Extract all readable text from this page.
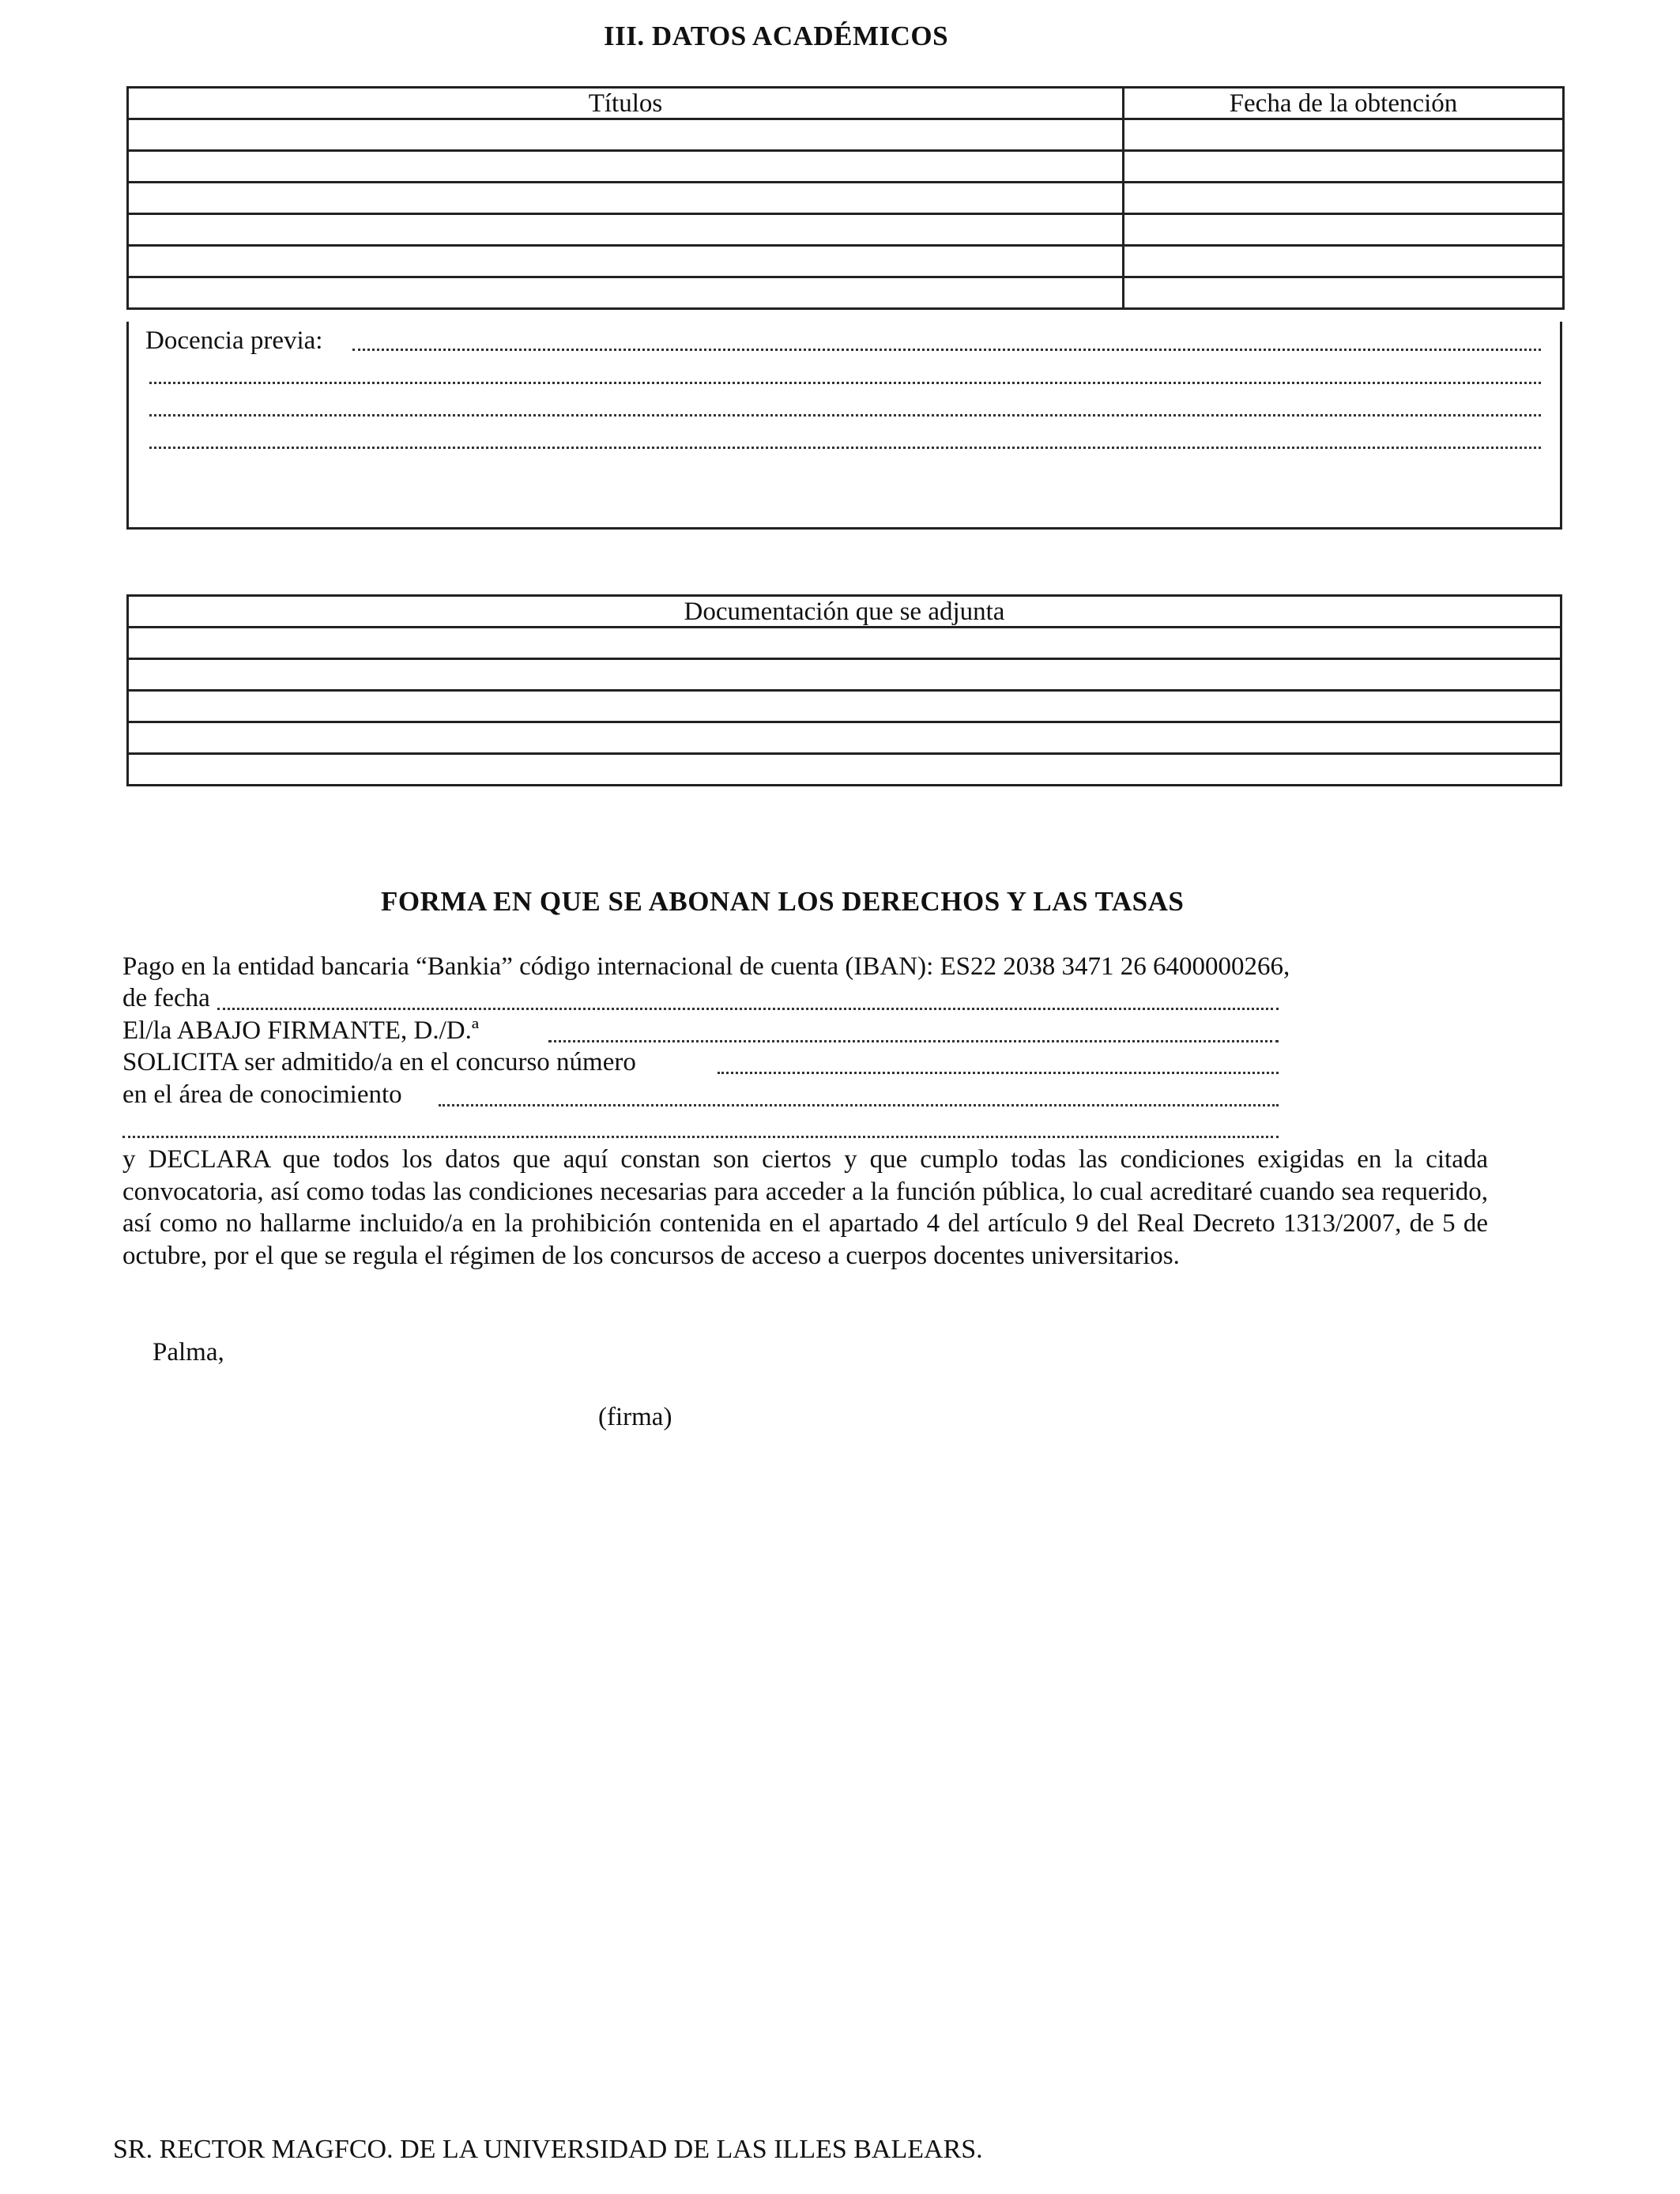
III. DATOS ACADÉMICOS
Títulos	Fecha de la obtención

Docencia previa:
Documentación que se adjunta

FORMA EN QUE SE ABONAN LOS DERECHOS Y LAS TASAS
Pago en la entidad bancaria “Bankia” código internacional de cuenta (IBAN): ES22 2038 3471 26 6400000266,
de fecha
El/la ABAJO FIRMANTE, D./D.ª
SOLICITA ser admitido/a en el concurso número
en el área de conocimiento
y DECLARA que todos los datos que aquí constan son ciertos y que cumplo todas las condiciones exigidas en la citada convocatoria, así como todas las condiciones necesarias para acceder a la función pública, lo cual acreditaré cuando sea requerido, así como no hallarme incluido/a en la prohibición contenida en el apartado 4 del artículo 9 del Real Decreto 1313/2007, de 5 de octubre, por el que se regula el régimen de los concursos de acceso a cuerpos docentes universitarios.
Palma,
(firma)
SR. RECTOR MAGFCO. DE LA UNIVERSIDAD DE LAS ILLES BALEARS.
